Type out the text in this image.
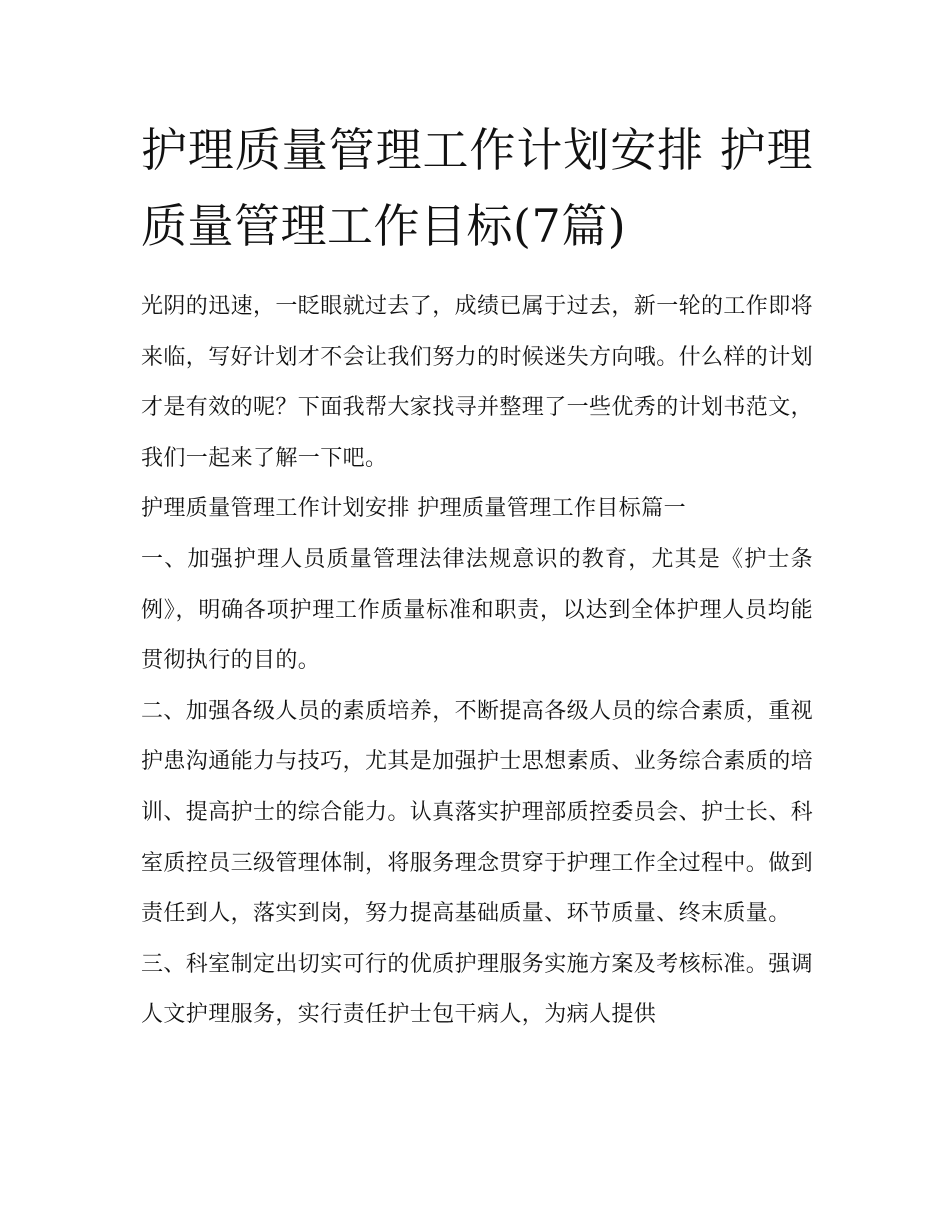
护理质量管理工作计划安排 护理质量管理工作目标(7篇)

光阴的迅速，一眨眼就过去了，成绩已属于过去，新一轮的工作即将来临，写好计划才不会让我们努力的时候迷失方向哦。什么样的计划才是有效的呢？下面我帮大家找寻并整理了一些优秀的计划书范文，我们一起来了解一下吧。

护理质量管理工作计划安排 护理质量管理工作目标篇一

一、加强护理人员质量管理法律法规意识的教育，尤其是《护士条例》，明确各项护理工作质量标准和职责，以达到全体护理人员均能贯彻执行的目的。

二、加强各级人员的素质培养，不断提高各级人员的综合素质，重视护患沟通能力与技巧，尤其是加强护士思想素质、业务综合素质的培训、提高护士的综合能力。认真落实护理部质控委员会、护士长、科室质控员三级管理体制，将服务理念贯穿于护理工作全过程中。做到责任到人，落实到岗，努力提高基础质量、环节质量、终末质量。

三、科室制定出切实可行的优质护理服务实施方案及考核标准。强调人文护理服务，实行责任护士包干病人，为病人提供
